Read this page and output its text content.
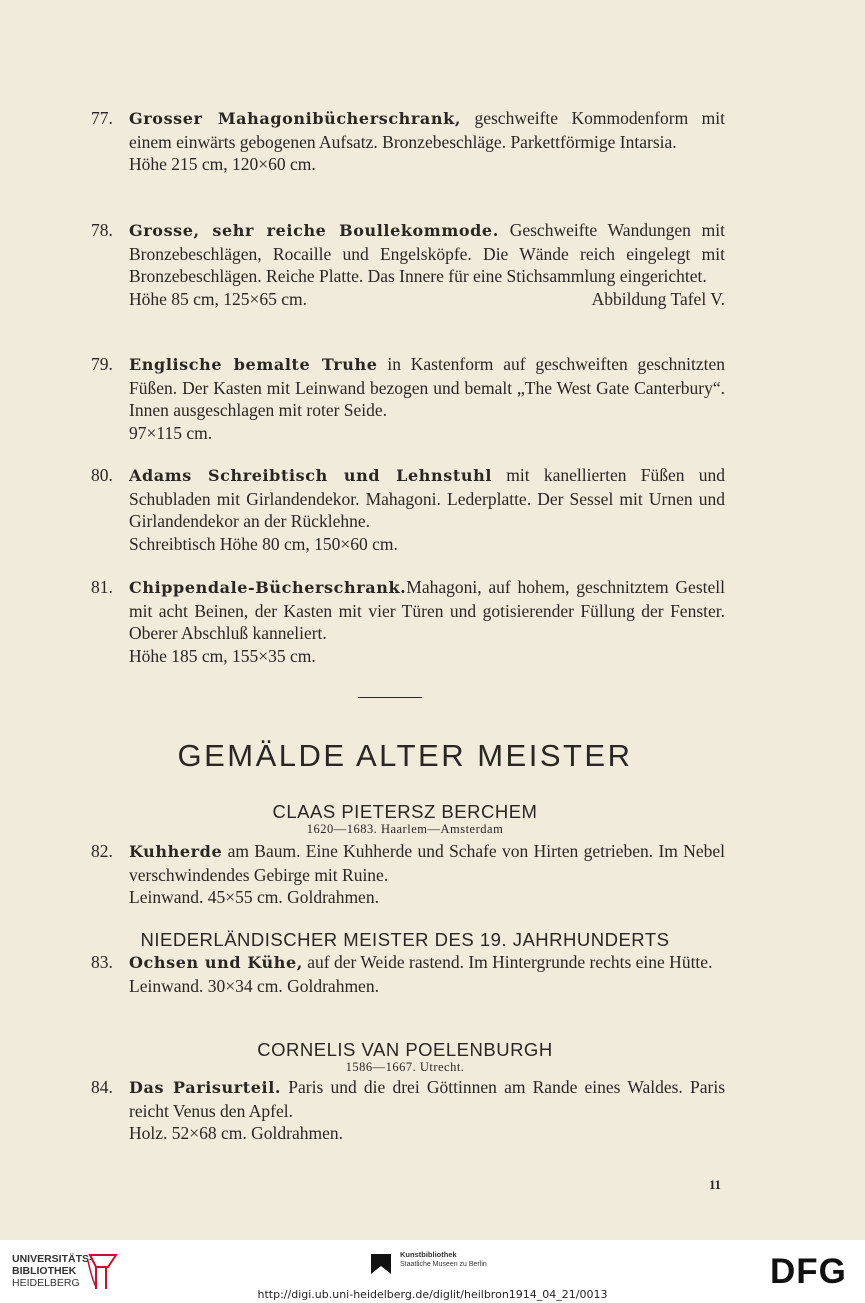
77.	Grosser Mahagonibücherschrank, geschweifte Kommodenform mit einem einwärts gebogenen Aufsatz. Bronzebeschläge. Parkettförmige Intarsia.
Höhe 215 cm, 120×60 cm.
78.	Grosse, sehr reiche Boullekommode. Geschweifte Wandungen mit Bronzebeschlägen, Rocaille und Engelsköpfe. Die Wände reich eingelegt mit Bronzebeschlägen. Reiche Platte. Das Innere für eine Stichsammlung eingerichtet.
Höhe 85 cm, 125×65 cm.	Abbildung Tafel V.
79.	Englische bemalte Truhe in Kastenform auf geschweiften geschnitzten Füßen. Der Kasten mit Leinwand bezogen und bemalt „The West Gate Canterbury“. Innen ausgeschlagen mit roter Seide.
97×115 cm.
80.	Adams Schreibtisch und Lehnstuhl mit kanellierten Füßen und Schubladen mit Girlandendekor. Mahagoni. Lederplatte. Der Sessel mit Urnen und Girlandendekor an der Rücklehne.
Schreibtisch Höhe 80 cm, 150×60 cm.
81.	Chippendale-Bücherschrank.Mahagoni, auf hohem, geschnitztem Gestell mit acht Beinen, der Kasten mit vier Türen und gotisierender Füllung der Fenster. Oberer Abschluß kanneliert.
Höhe 185 cm, 155×35 cm.
GEMÄLDE ALTER MEISTER
CLAAS PIETERSZ BERCHEM
1620—1683. Haarlem—Amsterdam
82.	Kuhherde am Baum. Eine Kuhherde und Schafe von Hirten getrieben. Im Nebel verschwindendes Gebirge mit Ruine.
Leinwand. 45×55 cm. Goldrahmen.
NIEDERLÄNDISCHER MEISTER DES 19. JAHRHUNDERTS
83.	Ochsen und Kühe, auf der Weide rastend. Im Hintergrunde rechts eine Hütte.
Leinwand. 30×34 cm. Goldrahmen.
CORNELIS VAN POELENBURGH
1586—1667. Utrecht.
84.	Das Parisurteil. Paris und die drei Göttinnen am Rande eines Waldes. Paris reicht Venus den Apfel.
Holz. 52×68 cm. Goldrahmen.
11
UNIVERSITÄTS-
BIBLIOTHEK
HEIDELBERG
Kunstbibliothek
Staatliche Museen zu Berlin	DFG
http://digi.ub.uni-heidelberg.de/diglit/heilbron1914_04_21/0013
